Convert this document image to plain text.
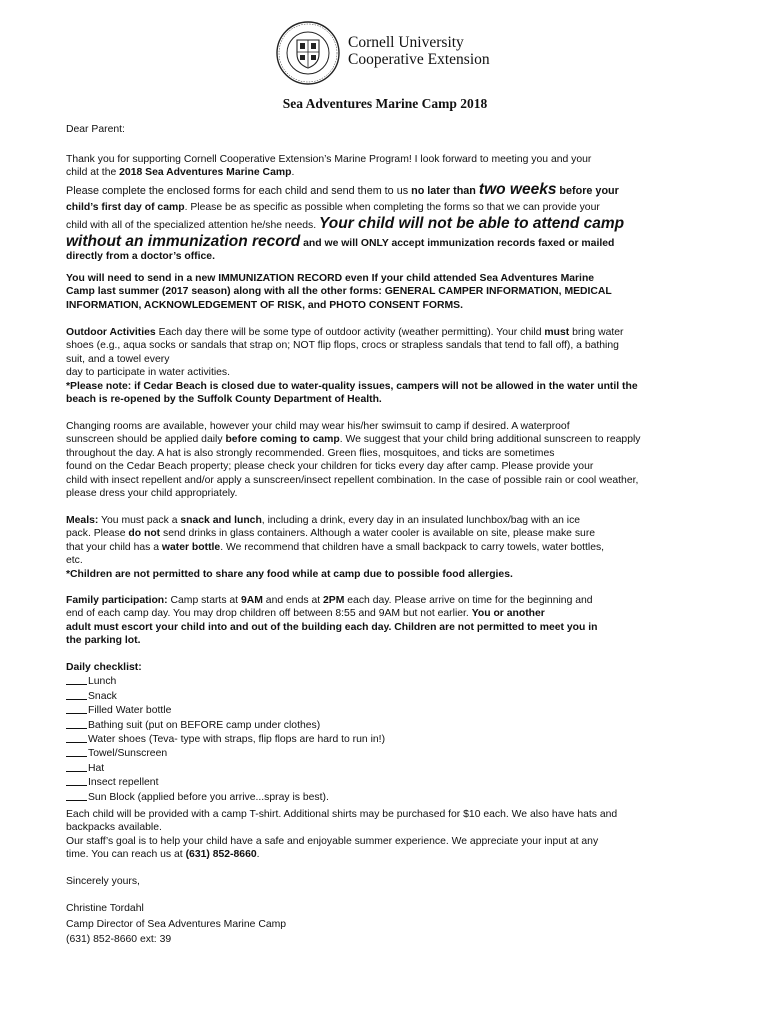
Cornell University
Cooperative Extension
Sea Adventures Marine Camp 2018
Dear Parent:
Thank you for supporting Cornell Cooperative Extension’s Marine Program! I look forward to meeting you and your
child at the 2018 Sea Adventures Marine Camp.
Please complete the enclosed forms for each child and send them to us no later than two weeks before your
child’s first day of camp. Please be as specific as possible when completing the forms so that we can provide your
child with all of the specialized attention he/she needs. Your child will not be able to attend camp
without an immunization record and we will ONLY accept immunization records faxed or mailed
directly from a doctor’s office.
You will need to send in a new IMMUNIZATION RECORD even If your child attended Sea Adventures Marine
Camp last summer (2017 season) along with all the other forms: GENERAL CAMPER INFORMATION, MEDICAL
INFORMATION, ACKNOWLEDGEMENT OF RISK, and PHOTO CONSENT FORMS.
Outdoor Activities Each day there will be some type of outdoor activity (weather permitting). Your child must bring water
shoes (e.g., aqua socks or sandals that strap on; NOT flip flops, crocs or strapless sandals that tend to fall off), a bathing
suit, and a towel every
day to participate in water activities.
*Please note: if Cedar Beach is closed due to water-quality issues, campers will not be allowed in the water until the
beach is re-opened by the Suffolk County Department of Health.
Changing rooms are available, however your child may wear his/her swimsuit to camp if desired. A waterproof
sunscreen should be applied daily before coming to camp. We suggest that your child bring additional sunscreen to reapply
throughout the day. A hat is also strongly recommended. Green flies, mosquitoes, and ticks are sometimes
found on the Cedar Beach property; please check your children for ticks every day after camp. Please provide your
child with insect repellent and/or apply a sunscreen/insect repellent combination. In the case of possible rain or cool weather,
please dress your child appropriately.
Meals: You must pack a snack and lunch, including a drink, every day in an insulated lunchbox/bag with an ice
pack. Please do not send drinks in glass containers. Although a water cooler is available on site, please make sure
that your child has a water bottle. We recommend that children have a small backpack to carry towels, water bottles,
etc.
*Children are not permitted to share any food while at camp due to possible food allergies.
Family participation: Camp starts at 9AM and ends at 2PM each day. Please arrive on time for the beginning and
end of each camp day. You may drop children off between 8:55 and 9AM but not earlier. You or another
adult must escort your child into and out of the building each day. Children are not permitted to meet you in
the parking lot.
Daily checklist:
Lunch
Snack
Filled Water bottle
Bathing suit (put on BEFORE camp under clothes)
Water shoes (Teva- type with straps, flip flops are hard to run in!)
Towel/Sunscreen
Hat
Insect repellent
Sun Block (applied before you arrive...spray is best).
Each child will be provided with a camp T-shirt. Additional shirts may be purchased for $10 each. We also have hats and
backpacks available.
Our staff’s goal is to help your child have a safe and enjoyable summer experience. We appreciate your input at any
time. You can reach us at (631) 852-8660.
Sincerely yours,
Christine Tordahl
Camp Director of Sea Adventures Marine Camp
(631) 852-8660 ext: 39
